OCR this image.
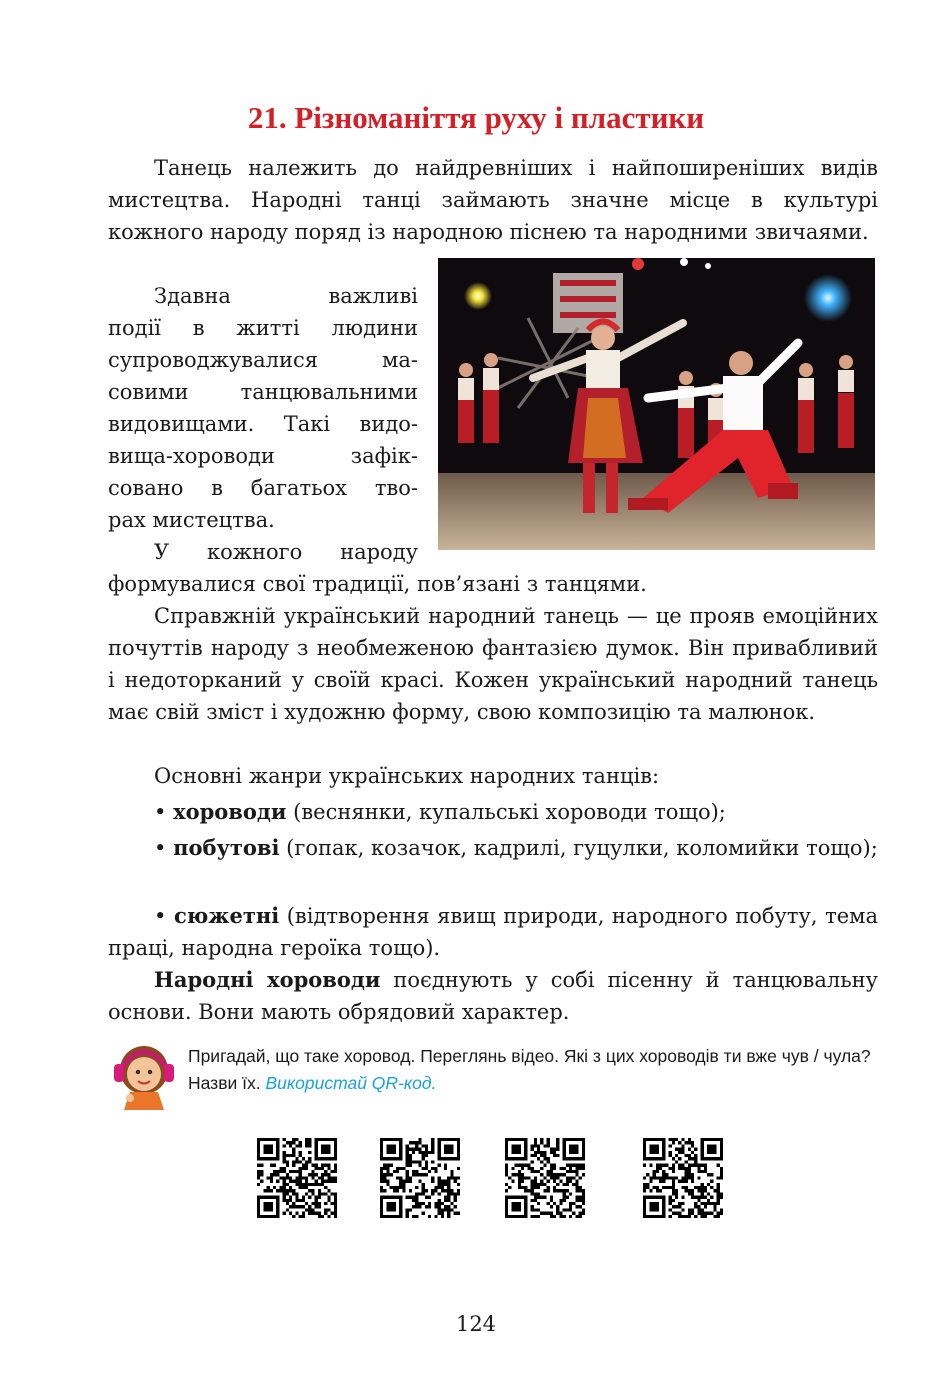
21. Різноманіття руху і пластики

Танець належить до найдревніших і найпоширеніших видів мистецтва. Народні танці займають значне місце в культурі кожного народу поряд із народною піснею та народними звичаями.

Здавна важливі
події в житті людини
супроводжувалися ма-
совими танцювальними
видовищами. Такі видо-
вища-хороводи зафік-
совано в багатьох тво-
рах мистецтва.
У кожного народу

формувалися свої традиції, пов’язані з танцями.

Справжній український народний танець — це прояв емоційних почуттів народу з необмеженою фантазією думок. Він привабливий і недоторканий у своїй красі. Кожен український народний танець має свій зміст і художню форму, свою композицію та малюнок.

Основні жанри українських народних танців:

• хороводи (веснянки, купальські хороводи тощо);

• побутові (гопак, козачок, кадрилі, гуцулки, коломийки тощо);

• сюжетні (відтворення явищ природи, народного побуту, тема праці, народна героїка тощо).

Народні хороводи поєднують у собі пісенну й танцювальну основи. Вони мають обрядовий характер.

Пригадай, що таке хоровод. Переглянь відео. Які з цих хороводів ти вже чув / чула? Назви їх. Використай QR-код.
124
